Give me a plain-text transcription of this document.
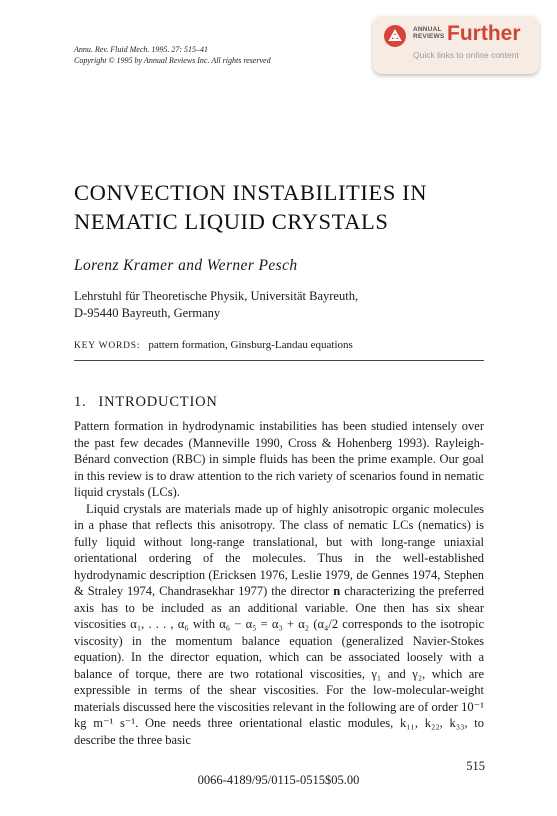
Annu. Rev. Fluid Mech. 1995. 27: 515–41
Copyright © 1995 by Annual Reviews Inc. All rights reserved
ANNUAL
REVIEWS Further
Quick links to online content
CONVECTION INSTABILITIES IN
NEMATIC LIQUID CRYSTALS
Lorenz Kramer and Werner Pesch
Lehrstuhl für Theoretische Physik, Universität Bayreuth,
D-95440 Bayreuth, Germany
KEY WORDS: pattern formation, Ginsburg-Landau equations
1. INTRODUCTION

Pattern formation in hydrodynamic instabilities has been studied intensely over the past few decades (Manneville 1990, Cross & Hohenberg 1993). Rayleigh-Bénard convection (RBC) in simple fluids has been the prime example. Our goal in this review is to draw attention to the rich variety of scenarios found in nematic liquid crystals (LCs).

Liquid crystals are materials made up of highly anisotropic organic molecules in a phase that reflects this anisotropy. The class of nematic LCs (nematics) is fully liquid without long-range translational, but with long-range uniaxial orientational ordering of the molecules. Thus in the well-established hydrodynamic description (Ericksen 1976, Leslie 1979, de Gennes 1974, Stephen & Straley 1974, Chandrasekhar 1977) the director n characterizing the preferred axis has to be included as an additional variable. One then has six shear viscosities α₁, . . . , α₆ with α₆ − α₅ = α₃ + α₂ (α₄/2 corresponds to the isotropic viscosity) in the momentum balance equation (generalized Navier-Stokes equation). In the director equation, which can be associated loosely with a balance of torque, there are two rotational viscosities, γ₁ and γ₂, which are expressible in terms of the shear viscosities. For the low-molecular-weight materials discussed here the viscosities relevant in the following are of order 10⁻¹ kg m⁻¹ s⁻¹. One needs three orientational elastic modules, k₁₁, k₂₂, k₃₃, to describe the three basic

515
0066-4189/95/0115-0515$05.00
